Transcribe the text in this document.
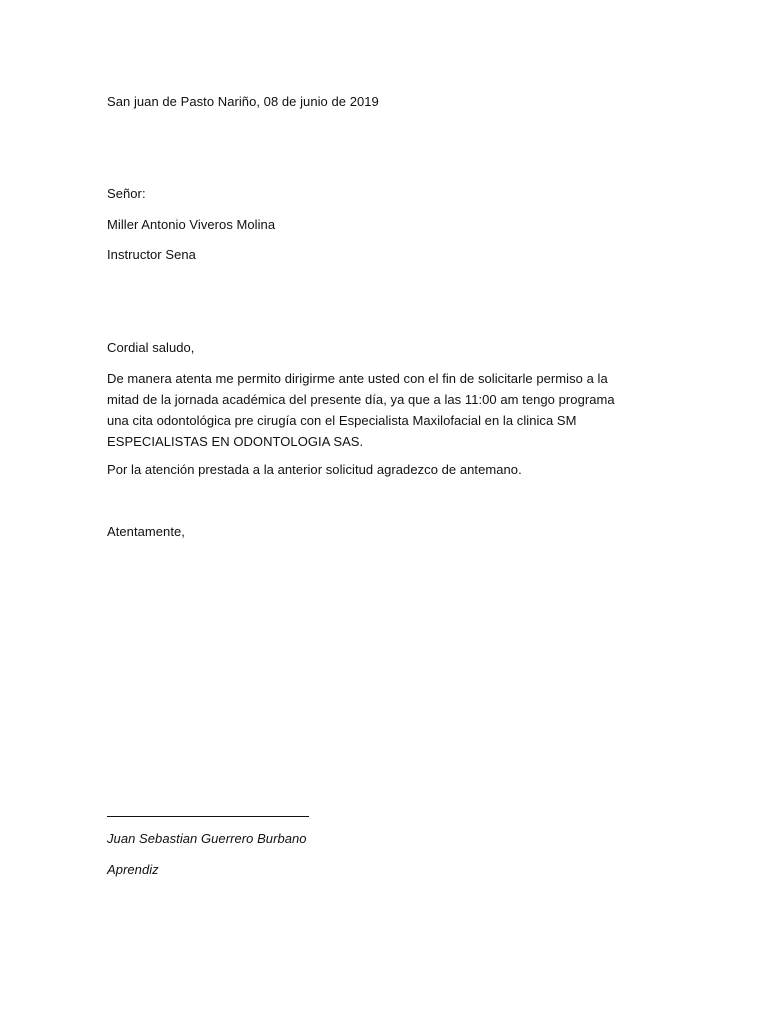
San juan de Pasto Nariño, 08 de junio de 2019
Señor:
Miller Antonio Viveros Molina
Instructor Sena
Cordial saludo,
De manera atenta me permito dirigirme ante usted con el fin de solicitarle permiso a la
mitad de la jornada académica del presente día, ya que a las 11:00 am tengo programa
una cita odontológica pre cirugía con el Especialista Maxilofacial en la clinica SM
ESPECIALISTAS EN ODONTOLOGIA SAS.
Por la atención prestada a la anterior solicitud agradezco de antemano.
Atentamente,
Juan Sebastian Guerrero Burbano
Aprendiz
